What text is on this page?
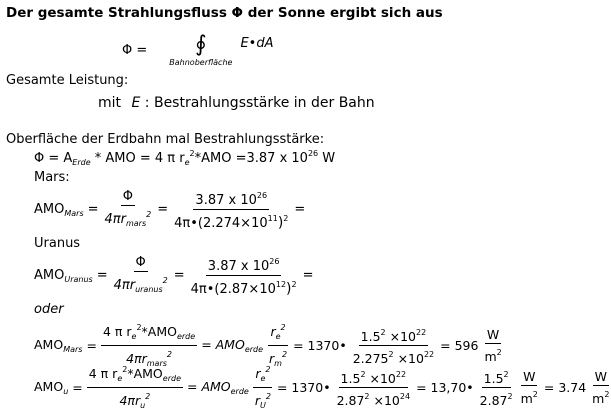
Der gesamte Strahlungsfluss Φ der Sonne ergibt sich aus
Φ = ∮
Bahnoberfläche
E•dA
Gesamte Leistung:
mit E : Bestrahlungsstärke in der Bahn
Oberfläche der Erdbahn mal Bestrahlungsstärke:
$\Phi = A_{Erde}$ * AMO = 4 π $r_e^2*AMO =3.87$ x $10^{26}$ W
Mars:
$AMO_{Mars} = \frac{\Phi}{4\pi r_{mars}^2} = \frac{3.87 x 10^{26}}{4\pi•(2.274\times 10^{11})^2}$ =
Uranus
$AMO_{Uranus} = \frac{\Phi}{4\pi r_{uranus}^2} = \frac{3.87 x 10^{26}}{4\pi•(2.87\times 10^{12})^2}$ =
oder
$AMO_{Mars} = \frac{4 \pi r_e^2*AMO_{erde}}{4\pi r_{mars}^2} = AMO_{erde} \frac{r_e^2}{r_m^2}$ = 1370• $\frac{1.5^2 \times 10^{22}}{2.275^2 \times 10^{22}} = 596 \frac{W}{m^2}$
$AMO_u = \frac{4 \pi r_e^2*AMO_{erde}}{4\pi r_u^2} = AMO_{erde} \frac{r_e^2}{r_U^2}$ = 1370• $\frac{1.5^2 \times 10^{22}}{2.87^2 \times 10^{24}}$ = 13,70• $\frac{1.5^2}{2.87^2} \frac{W}{m^2} = 3.74 \frac{W}{m^2}$
